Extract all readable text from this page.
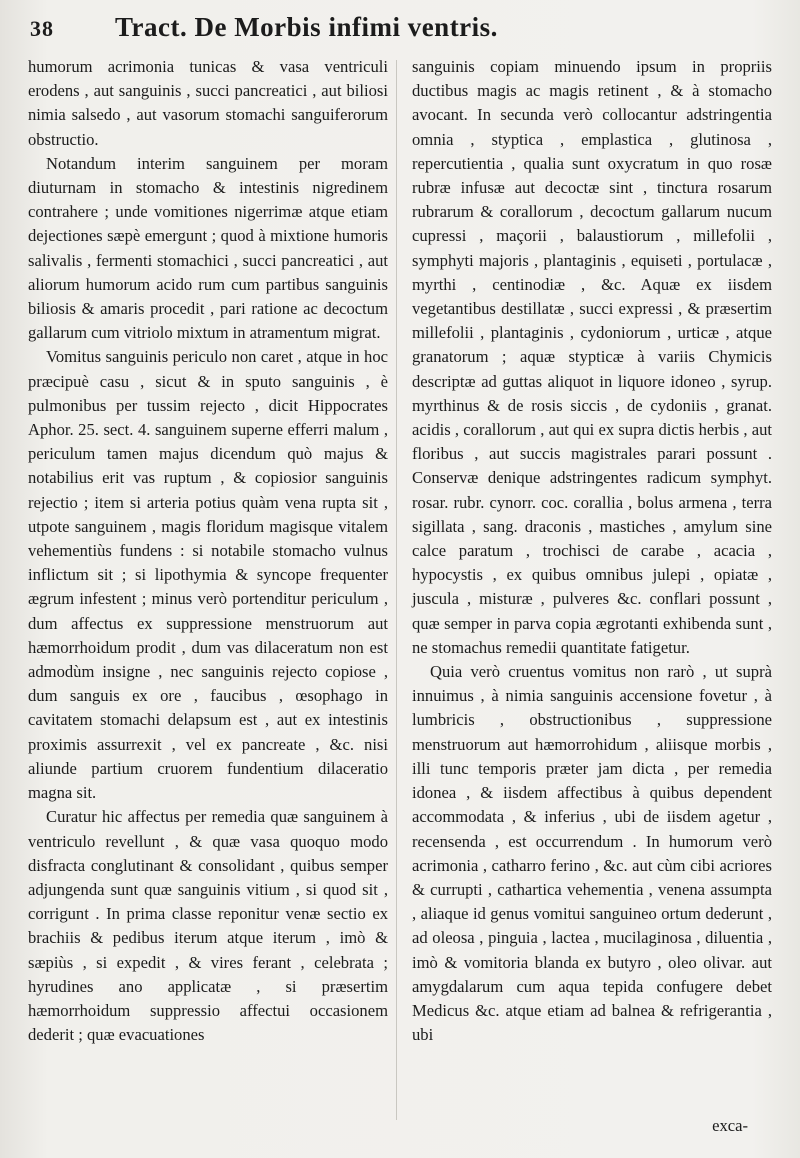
38 Tract. De Morbis infimi ventris.

humorum acrimonia tunicas & vasa ventriculi erodens , aut sanguinis , succi pancreatici , aut biliosi nimia salsedo , aut vasorum stomachi sanguiferorum obstructio.

Notandum interim sanguinem per moram diuturnam in stomacho & intestinis nigredinem contrahere ; unde vomitiones nigerrimæ atque etiam dejectiones sæpè emergunt ; quod à mixtione humoris salivalis , fermenti stomachici , succi pancreatici , aut aliorum humorum acido rum cum partibus sanguinis biliosis & amaris procedit , pari ratione ac decoctum gallarum cum vitriolo mixtum in atramentum migrat.

Vomitus sanguinis periculo non caret , atque in hoc præcipuè casu , sicut & in sputo sanguinis , è pulmonibus per tussim rejecto , dicit Hippocrates Aphor. 25. sect. 4. sanguinem superne efferri malum , periculum tamen majus dicendum quò majus & notabilius erit vas ruptum , & copiosior sanguinis rejectio ; item si arteria potius quàm vena rupta sit , utpote sanguinem , magis floridum magisque vitalem vehementiùs fundens : si notabile stomacho vulnus inflictum sit ; si lipothymia & syncope frequenter ægrum infestent ; minus verò portenditur periculum , dum affectus ex suppressione menstruorum aut hæmorrhoidum prodit , dum vas dilaceratum non est admodùm insigne , nec sanguinis rejecto copiose , dum sanguis ex ore , faucibus , œsophago in cavitatem stomachi delapsum est , aut ex intestinis proximis assurrexit , vel ex pancreate , &c. nisi aliunde partium cruorem fundentium dilaceratio magna sit.

Curatur hic affectus per remedia quæ sanguinem à ventriculo revellunt , & quæ vasa quoquo modo disfracta conglutinant & consolidant , quibus semper adjungenda sunt quæ sanguinis vitium , si quod sit , corrigunt . In prima classe reponitur venæ sectio ex brachiis & pedibus iterum atque iterum , imò & sæpiùs , si expedit , & vires ferant , celebrata ; hyrudines ano applicatæ , si præsertim hæmorrhoidum suppressio affectui occasionem dederit ; quæ evacuationes

sanguinis copiam minuendo ipsum in propriis ductibus magis ac magis retinent , & à stomacho avocant. In secunda verò collocantur adstringentia omnia , styptica , emplastica , glutinosa , repercutientia , qualia sunt oxycratum in quo rosæ rubræ infusæ aut decoctæ sint , tinctura rosarum rubrarum & corallorum , decoctum gallarum nucum cupressi , maçorii , balaustiorum , millefolii , symphyti majoris , plantaginis , equiseti , portulacæ , myrthi , centinodiæ , &c. Aquæ ex iisdem vegetantibus destillatæ , succi expressi , & præsertim millefolii , plantaginis , cydoniorum , urticæ , atque granatorum ; aquæ stypticæ à variis Chymicis descriptæ ad guttas aliquot in liquore idoneo , syrup. myrthinus & de rosis siccis , de cydoniis , granat. acidis , corallorum , aut qui ex supra dictis herbis , aut floribus , aut succis magistrales parari possunt . Conservæ denique adstringentes radicum symphyt. rosar. rubr. cynorr. coc. corallia , bolus armena , terra sigillata , sang. draconis , mastiches , amylum sine calce paratum , trochisci de carabe , acacia , hypocystis , ex quibus omnibus julepi , opiatæ , jusculа , misturæ , pulveres &c. conflari possunt , quæ semper in parva copia ægrotanti exhibenda sunt , ne stomachus remedii quantitate fatigetur.

Quia verò cruentus vomitus non rarò , ut suprà innuimus , à nimia sanguinis accensione fovetur , à lumbricis , obstructionibus , suppressione menstruorum aut hæmorrohidum , aliisque morbis , illi tunc temporis præter jam dicta , per remedia idonea , & iisdem affectibus à quibus dependent accommodata , & inferius , ubi de iisdem agetur , recensenda , est occurrendum . In humorum verò acrimonia , catharro ferino , &c. aut cùm cibi acriores & currupti , cathartica vehementia , venena assumpta , aliaque id genus vomitui sanguineo ortum dederunt , ad oleosa , pinguia , lactea , mucilaginosa , diluentia , imò & vomitoria blanda ex butyro , oleo olivar. aut amygdalarum cum aqua tepida confugere debet Medicus &c. atque etiam ad balnea & refrigerantia , ubi

exca-
